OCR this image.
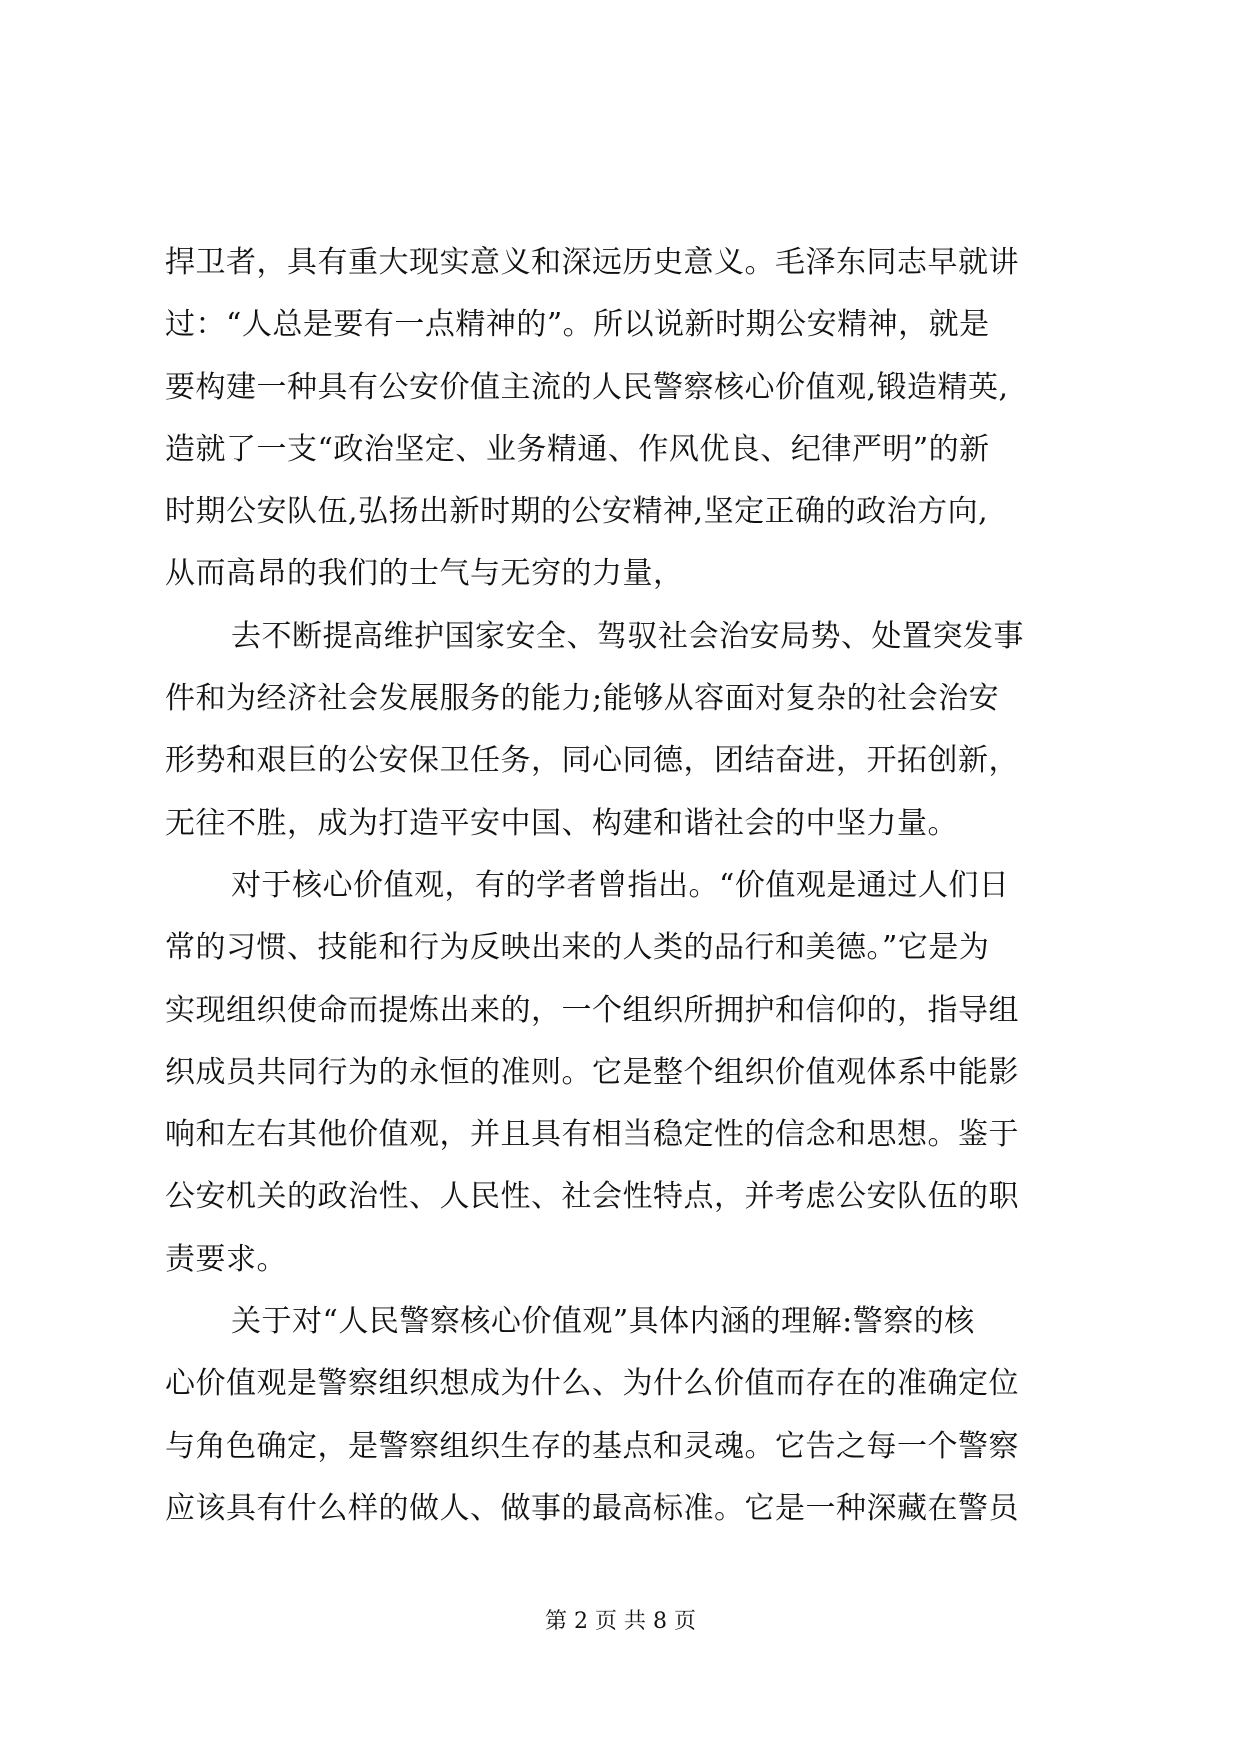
捍卫者，具有重大现实意义和深远历史意义。毛泽东同志早就讲
过：“人总是要有一点精神的”。所以说新时期公安精神，就是
要构建一种具有公安价值主流的人民警察核心价值观,锻造精英,
造就了一支“政治坚定、业务精通、作风优良、纪律严明”的新
时期公安队伍,弘扬出新时期的公安精神,坚定正确的政治方向,
从而高昂的我们的士气与无穷的力量，
去不断提高维护国家安全、驾驭社会治安局势、处置突发事
件和为经济社会发展服务的能力;能够从容面对复杂的社会治安
形势和艰巨的公安保卫任务，同心同德，团结奋进，开拓创新，
无往不胜，成为打造平安中国、构建和谐社会的中坚力量。
对于核心价值观，有的学者曾指出。“价值观是通过人们日
常的习惯、技能和行为反映出来的人类的品行和美德。”它是为
实现组织使命而提炼出来的，一个组织所拥护和信仰的，指导组
织成员共同行为的永恒的准则。它是整个组织价值观体系中能影
响和左右其他价值观，并且具有相当稳定性的信念和思想。鉴于
公安机关的政治性、人民性、社会性特点，并考虑公安队伍的职
责要求。
关于对“人民警察核心价值观”具体内涵的理解:警察的核
心价值观是警察组织想成为什么、为什么价值而存在的准确定位
与角色确定，是警察组织生存的基点和灵魂。它告之每一个警察
应该具有什么样的做人、做事的最高标准。它是一种深藏在警员
第 2 页 共 8 页
